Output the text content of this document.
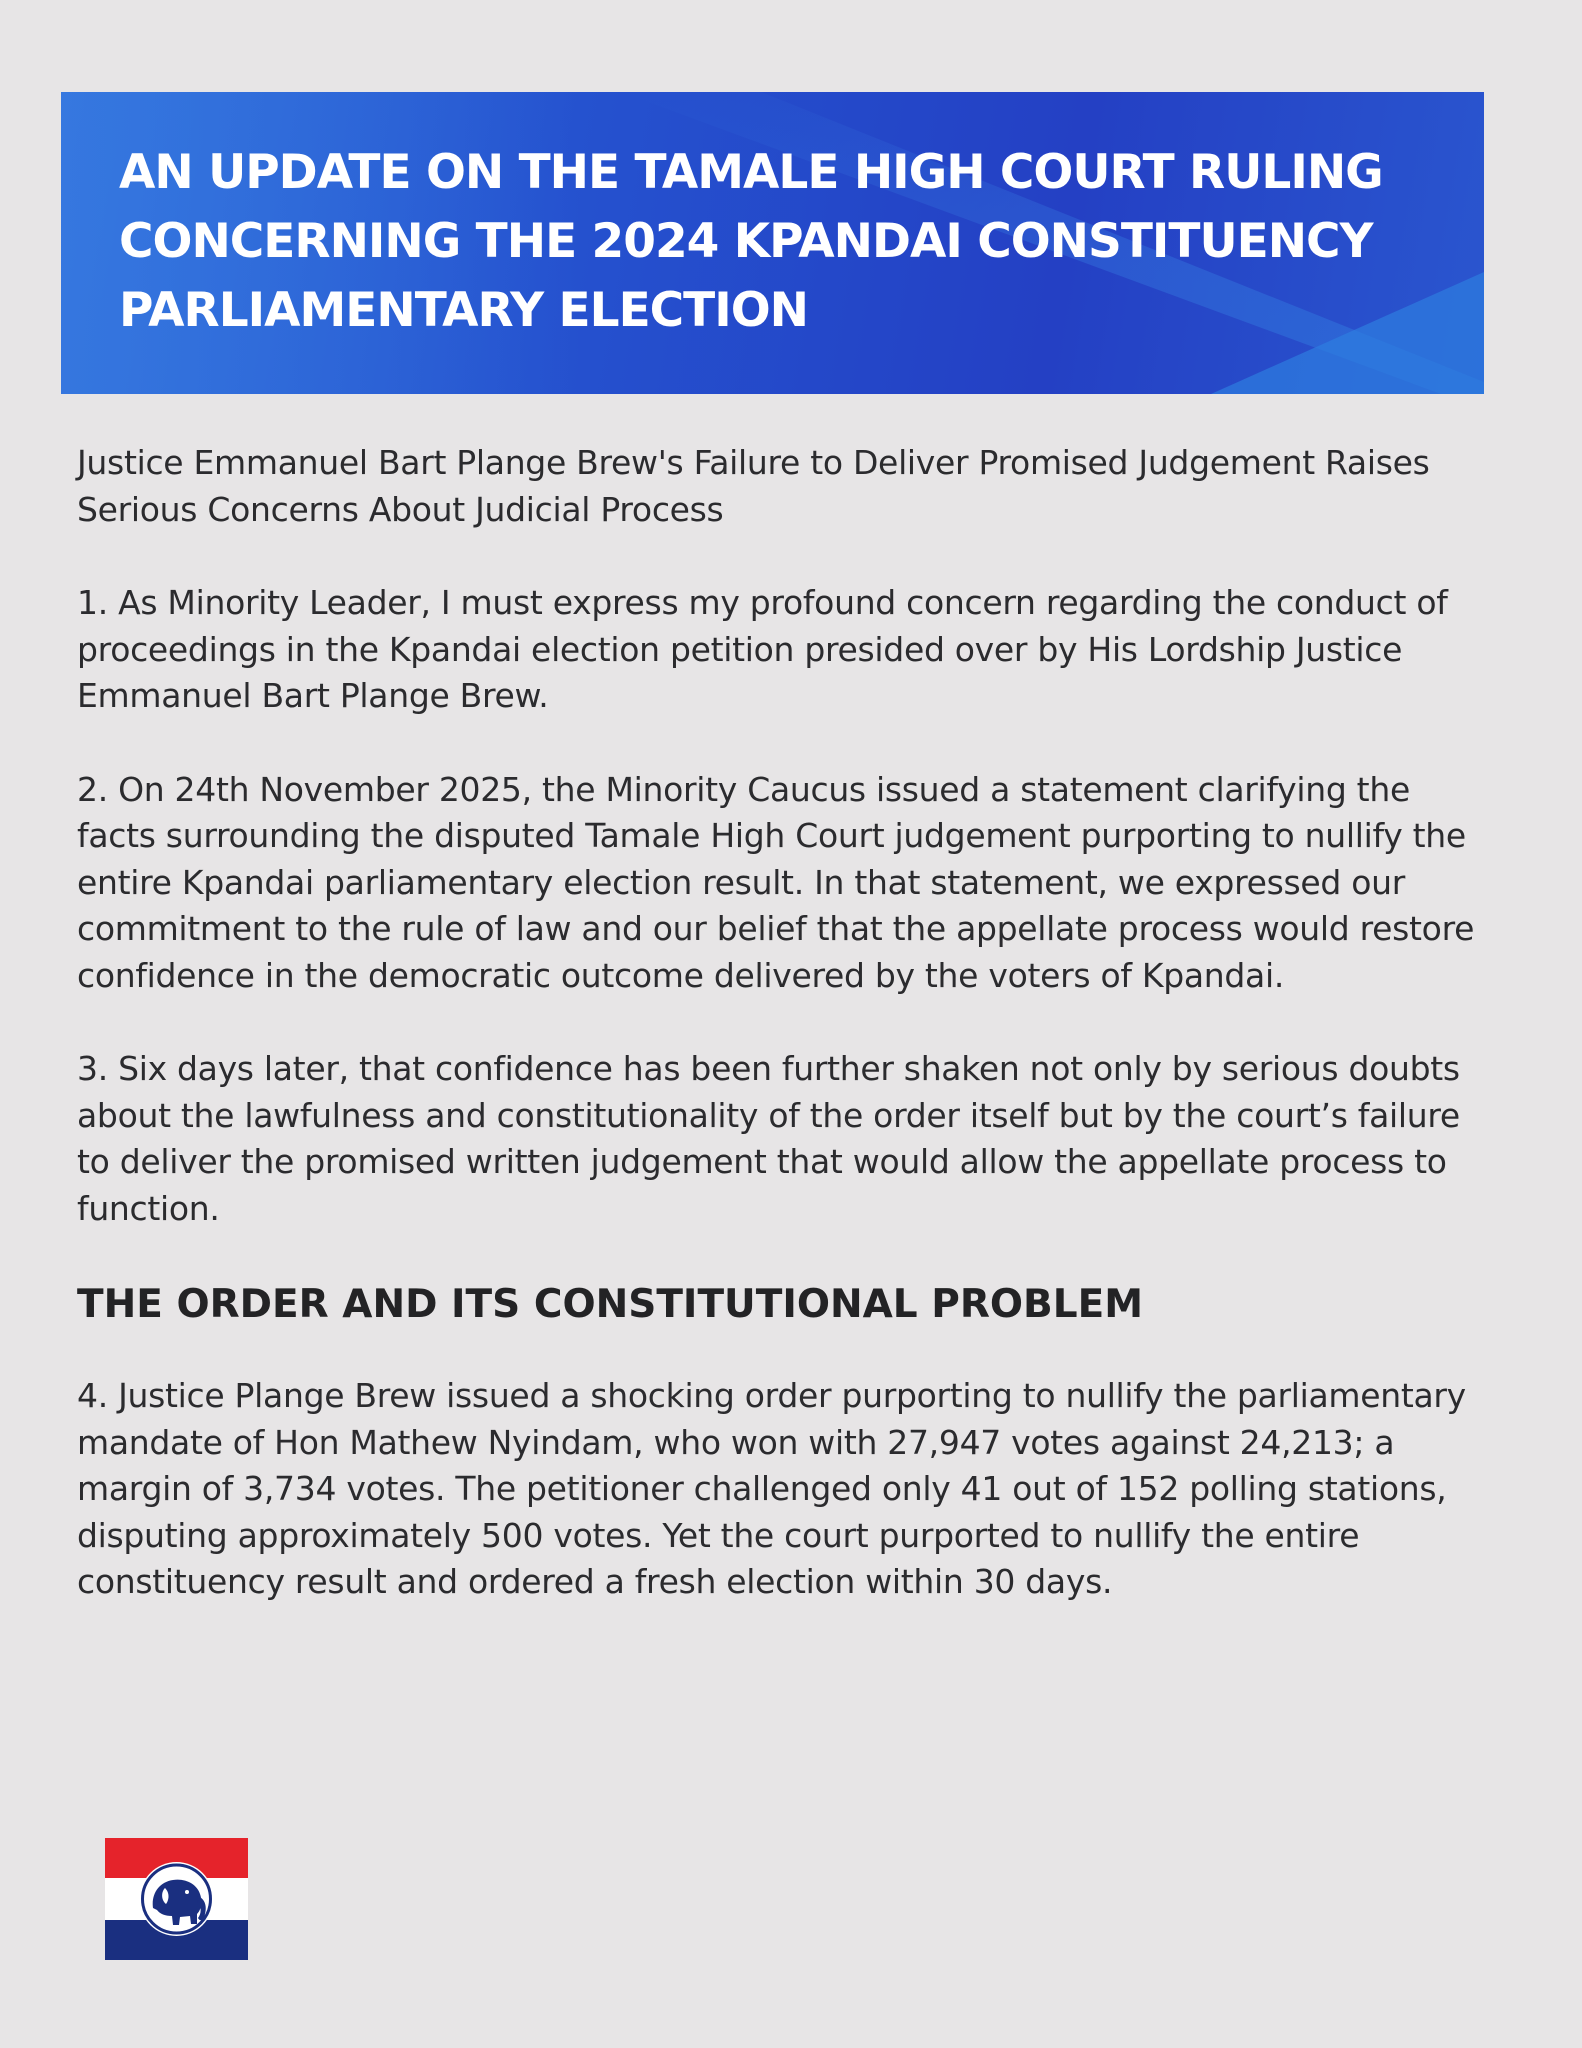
AN UPDATE ON THE TAMALE HIGH COURT RULING CONCERNING THE 2024 KPANDAI CONSTITUENCY PARLIAMENTARY ELECTION

Justice Emmanuel Bart Plange Brew's Failure to Deliver Promised Judgement Raises Serious Concerns About Judicial Process

1. As Minority Leader, I must express my profound concern regarding the conduct of proceedings in the Kpandai election petition presided over by His Lordship Justice Emmanuel Bart Plange Brew.

2. On 24th November 2025, the Minority Caucus issued a statement clarifying the facts surrounding the disputed Tamale High Court judgement purporting to nullify the entire Kpandai parliamentary election result. In that statement, we expressed our commitment to the rule of law and our belief that the appellate process would restore confidence in the democratic outcome delivered by the voters of Kpandai.

3. Six days later, that confidence has been further shaken not only by serious doubts about the lawfulness and constitutionality of the order itself but by the court’s failure to deliver the promised written judgement that would allow the appellate process to function.

THE ORDER AND ITS CONSTITUTIONAL PROBLEM

4. Justice Plange Brew issued a shocking order purporting to nullify the parliamentary mandate of Hon Mathew Nyindam, who won with 27,947 votes against 24,213; a margin of 3,734 votes. The petitioner challenged only 41 out of 152 polling stations, disputing approximately 500 votes. Yet the court purported to nullify the entire constituency result and ordered a fresh election within 30 days.
